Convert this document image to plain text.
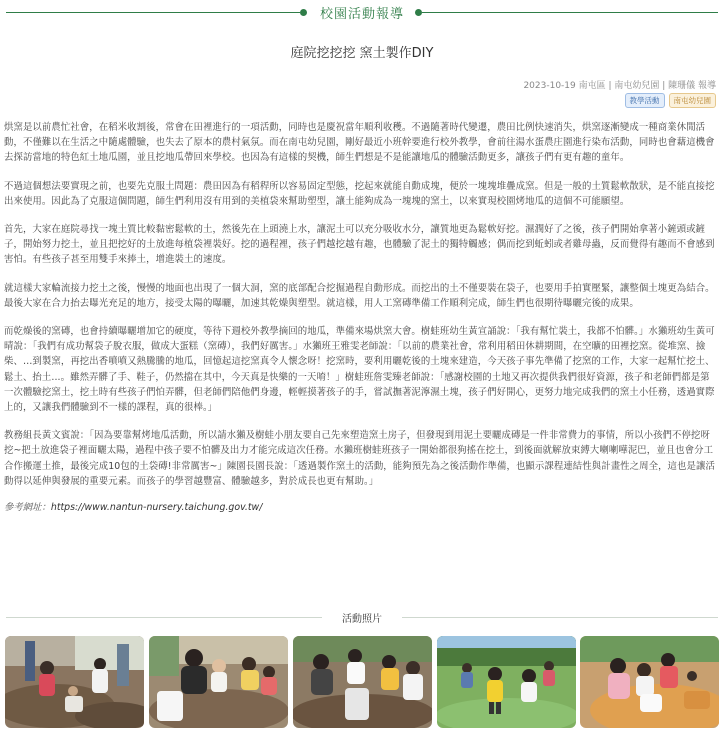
校園活動報導
庭院挖挖挖 窯土製作DIY
2023-10-19 南屯區 | 南屯幼兒園 | 陳珊儀 報導
教學活動	南屯幼兒園

烘窯是以前農忙社會，在稻米收割後，常會在田裡進行的一項活動，同時也是慶祝當年順利收穫。不過隨著時代變遷，農田比例快速消失，烘窯逐漸變成一種商業休閒活動，不僅難以在生活之中隨處體驗，也失去了原本的農村氣氛。而在南屯幼兒園，剛好最近小班幹要進行校外教學，會前往湯水蛋農庄園進行染布活動，同時也會藉這機會去探訪當地的特色紅土地瓜園，並且挖地瓜帶回來學校。也因為有這樣的契機，師生們想是不是能讓地瓜的體驗活動更多，讓孩子們有更有趣的童年。

不過這個想法要實現之前，也要先克服土問題：農田因為有稻稈所以容易固定型態，挖起來就能自動成塊，便於一塊塊堆疊成窯。但是一般的土質鬆軟散狀，是不能直接挖出來使用。因此為了克服這個問題，師生們利用沒有用到的美植袋來幫助塑型，讓土能夠成為一塊塊的窯土，以來實現校園烤地瓜的這個不可能願望。

首先，大家在庭院尋找一塊土質比較黏密鬆軟的土，然後先在上頭澆上水，讓泥土可以充分吸收水分，讓質地更為鬆軟好挖。濕潤好了之後，孩子們開始拿著小鏟頭或鏟子，開始努力挖土，並且把挖好的土放進每植袋裡裝好。挖的過程裡，孩子們越挖越有趣，也體驗了泥土的獨特觸感；偶而挖到蚯蚓或者雞母蟲，反而覺得有趣而不會感到害怕。有些孩子甚至用雙手來捧土，增進裝土的速度。

就這樣大家輪流接力挖土之後，慢慢的地面也出現了一個大洞，窯的底部配合挖掘過程自動形成。而挖出的土不僅要裝在袋子，也要用手拍實壓緊，讓整個土塊更為結合。最後大家在合力抬去曝光充足的地方，接受太陽的曝曬，加速其乾燥與塑型。就這樣，用人工窯磚準備工作順利完成，師生們也很期待曝曬完後的成果。

而乾燥後的窯磚，也會持續曝曬增加它的硬度，等待下週校外教學摘回的地瓜，準備來場烘窯大會。樹蛙班幼生黃宣誦說：「我有幫忙裝土，我都不怕髒。」水獺班幼生黃可晴說：「我們有成功幫袋子脫衣服，做成大蛋糕（窯磚），我們好厲害。」水獺班王雅雯老師說：「以前的農業社會，常利用稻田休耕期間，在空曠的田裡挖窯。從堆窯、撿柴、…到製窯，再挖出香噴噴又熱騰騰的地瓜，回憶起這挖窯真令人懷念呀！挖窯時，要利用曬乾後的土塊來建造，今天孩子事先準備了挖窯的工作，大家一起幫忙挖土、鬆土、抬土...。雖然弄髒了手、鞋子，仍然擋在其中，今天真是快樂的一天唷！」樹蛙班詹雯臻老師說：「感謝校園的土地又再次提供我們很好資源，孩子和老師們都是第一次體驗挖窯土，挖土時有些孩子們怕弄髒，但老師們陪他們身邊，輕輕摸著孩子的手，嘗試撫著泥濘濕土塊，孩子們好開心，更努力地完成我們的窯土小任務，透過實際上的，又讓我們體驗到不一樣的課程，真的很棒。」

教務組長黃文賓說：「因為要靠幫烤地瓜活動，所以請水獺及樹蛙小朋友要自己先來塑造窯土房子，但發現到用泥土要曬成磚是一件非常費力的事情，所以小孩們不停挖呀挖~把土放進袋子裡面曬太陽，過程中孩子要不怕髒及出力才能完成這次任務。水獺班樹蛙班孩子一開始都很狗搖在挖土，到後面就解放束縛大喇喇嘩泥巴，並且也會分工合作搬運土推，最後完成10包的土袋磚!非常厲害~」陳園長園長說：「透過製作窯土的活動，能夠預先為之後活動作準備，也顯示課程連結性與計畫性之周全，這也是讓活動得以延伸與發展的重要元素。而孩子的學習越豐富、體驗越多，對於成長也更有幫助。」

參考網址：https://www.nantun-nursery.taichung.gov.tw/
活動照片
